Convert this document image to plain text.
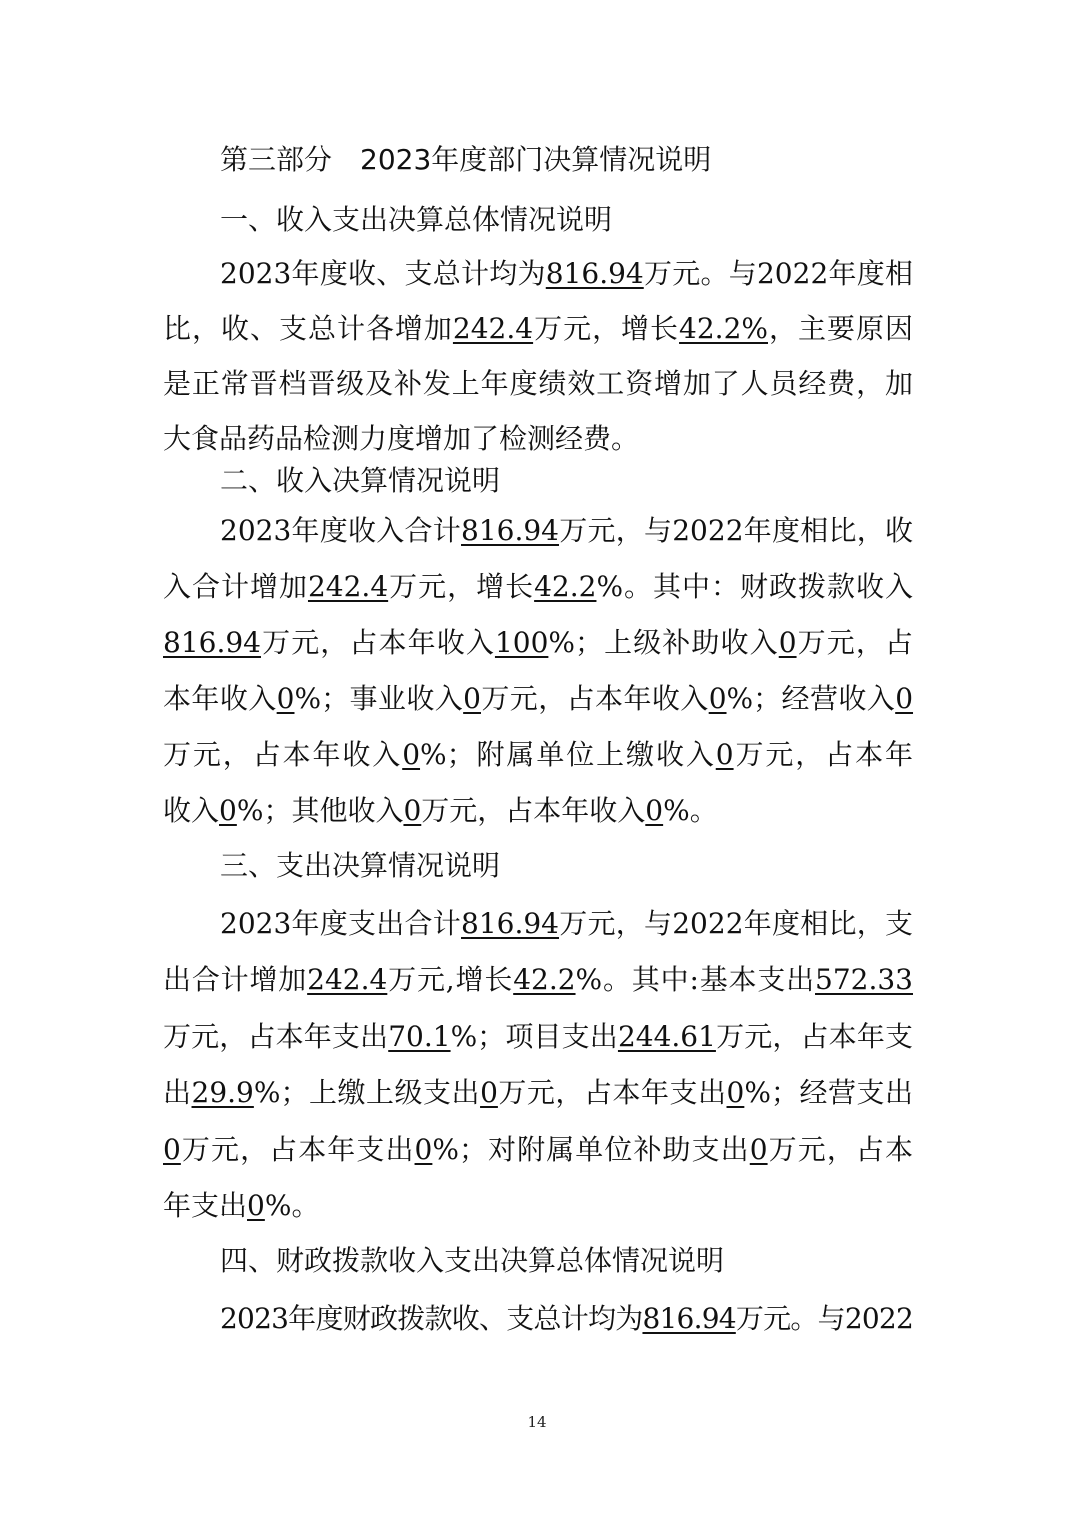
第三部分　2023年度部门决算情况说明
一、收入支出决算总体情况说明
2023年度收、支总计均为816.94万元。与2022年度相
比，收、支总计各增加242.4万元，增长42.2%，主要原因
是正常晋档晋级及补发上年度绩效工资增加了人员经费，加
大食品药品检测力度增加了检测经费。
二、收入决算情况说明
2023年度收入合计816.94万元，与2022年度相比，收
入合计增加242.4万元，增长42.2%。其中：财政拨款收入
816.94万元，占本年收入100%；上级补助收入0万元，占
本年收入0%；事业收入0万元，占本年收入0%；经营收入0
万元，占本年收入0%；附属单位上缴收入0万元，占本年
收入0%；其他收入0万元，占本年收入0%。
三、支出决算情况说明
2023年度支出合计816.94万元，与2022年度相比，支
出合计增加242.4万元,增长42.2%。其中:基本支出572.33
万元，占本年支出70.1%；项目支出244.61万元，占本年支
出29.9%；上缴上级支出0万元，占本年支出0%；经营支出
0万元，占本年支出0%；对附属单位补助支出0万元，占本
年支出0%。
四、财政拨款收入支出决算总体情况说明
2023年度财政拨款收、支总计均为816.94万元。与2022
14
